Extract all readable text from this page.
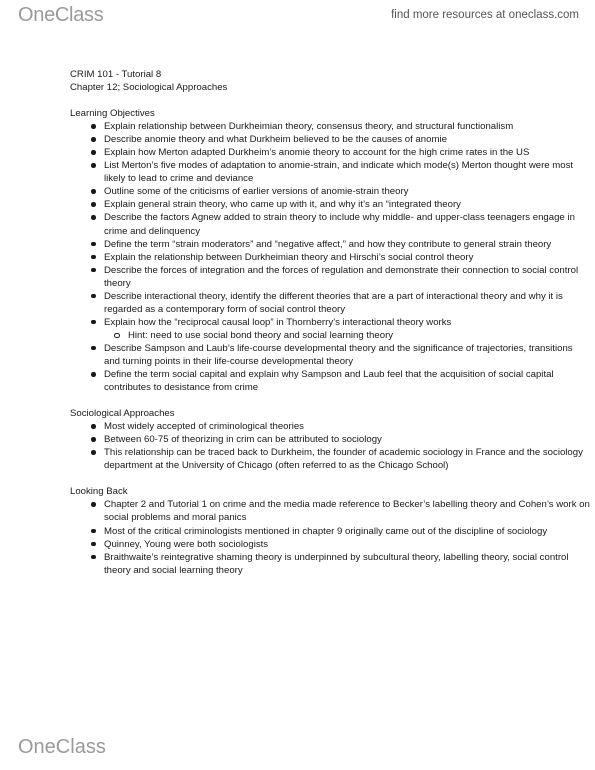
OneClass	find more resources at oneclass.com
CRIM 101 - Tutorial 8
Chapter 12; Sociological Approaches
Learning Objectives
Explain relationship between Durkheimian theory, consensus theory, and structural functionalism
Describe anomie theory and what Durkheim believed to be the causes of anomie
Explain how Merton adapted Durkheim’s anomie theory to account for the high crime rates in the US
List Merton’s five modes of adaptation to anomie-strain, and indicate which mode(s) Merton thought were most likely to lead to crime and deviance
Outline some of the criticisms of earlier versions of anomie-strain theory
Explain general strain theory, who came up with it, and why it’s an “integrated theory
Describe the factors Agnew added to strain theory to include why middle- and upper-class teenagers engage in crime and delinquency
Define the term “strain moderators” and “negative affect,” and how they contribute to general strain theory
Explain the relationship between Durkheimian theory and Hirschi’s social control theory
Describe the forces of integration and the forces of regulation and demonstrate their connection to social control theory
Describe interactional theory, identify the different theories that are a part of interactional theory and why it is regarded as a contemporary form of social control theory
Explain how the “reciprocal causal loop” in Thornberry’s interactional theory works
Hint: need to use social bond theory and social learning theory
Describe Sampson and Laub’s life-course developmental theory and the significance of trajectories, transitions and turning points in their life-course developmental theory
Define the term social capital and explain why Sampson and Laub feel that the acquisition of social capital contributes to desistance from crime
Sociological Approaches
Most widely accepted of criminological theories
Between 60-75 of theorizing in crim can be attributed to sociology
This relationship can be traced back to Durkheim, the founder of academic sociology in France and the sociology department at the University of Chicago (often referred to as the Chicago School)
Looking Back
Chapter 2 and Tutorial 1 on crime and the media made reference to Becker’s labelling theory and Cohen’s work on social problems and moral panics
Most of the critical criminologists mentioned in chapter 9 originally came out of the discipline of sociology
Quinney, Young were both sociologists
Braithwaite’s reintegrative shaming theory is underpinned by subcultural theory, labelling theory, social control theory and social learning theory
OneClass
